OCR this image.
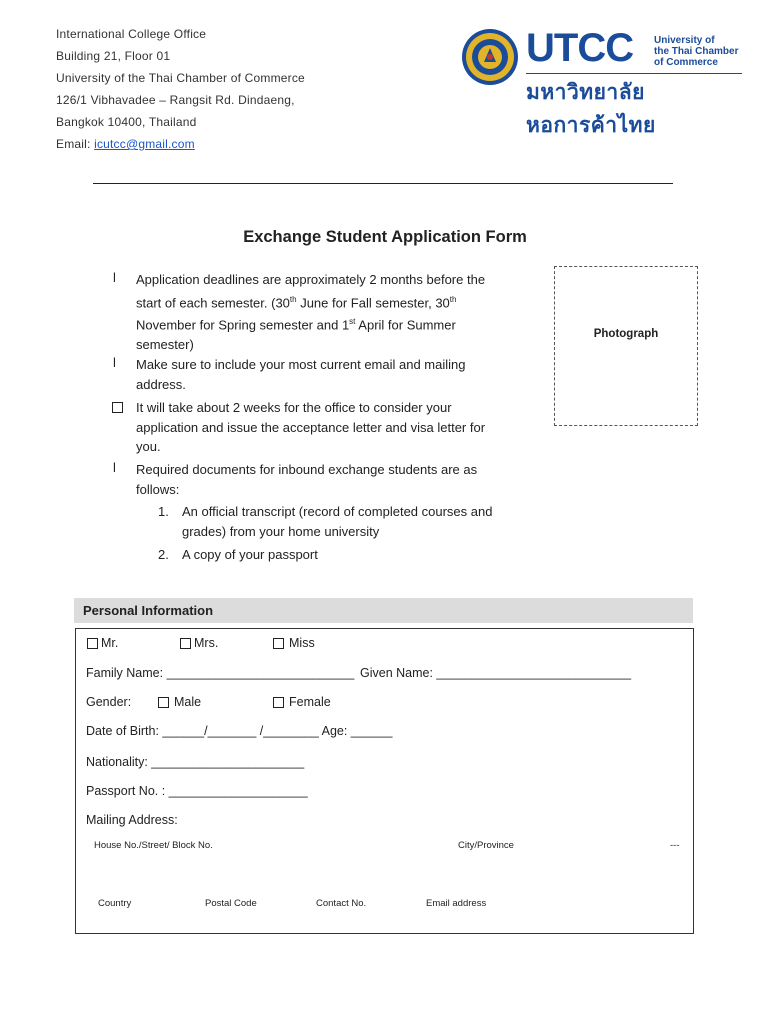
International College Office
Building 21, Floor 01
University of the Thai Chamber of Commerce
126/1 Vibhavadee – Rangsit Rd. Dindaeng,
Bangkok 10400, Thailand
Email: icutcc@gmail.com
UTCC University of
the Thai Chamber
of Commerce
มหาวิทยาลัยหอการค้าไทย
Exchange Student Application Form
l Application deadlines are approximately 2 months before the
start of each semester. (30th June for Fall semester, 30th
November for Spring semester and 1st April for Summer
semester)
l Make sure to include your most current email and mailing
address.
It will take about 2 weeks for the office to consider your
application and issue the acceptance letter and visa letter for
you.
l Required documents for inbound exchange students are as
follows:
1. An official transcript (record of completed courses and
grades) from your home university
2. A copy of your passport
Photograph
Personal Information
Mr.	Mrs.	Miss
Family Name: ___________________________ Given Name: ____________________________
Gender:	Male	Female
Date of Birth: ______/_______ /________ Age: ______
Nationality: ______________________
Passport No. : ____________________
Mailing Address:
House No./Street/ Block No.	City/Province	---
Country	Postal Code	Contact No.	Email address
